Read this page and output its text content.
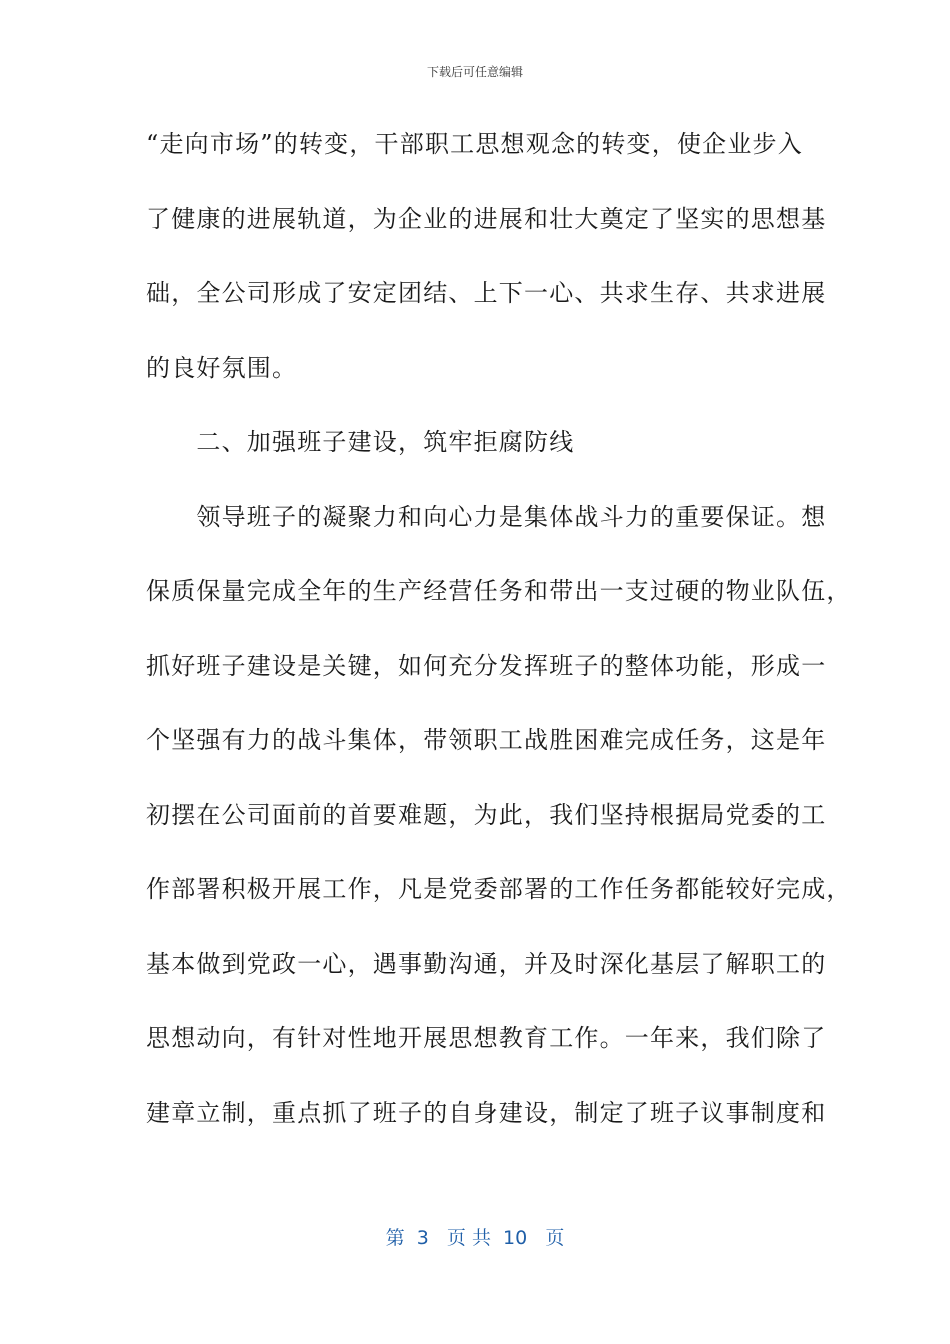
下载后可任意编辑
“走向市场”的转变，干部职工思想观念的转变，使企业步入
了健康的进展轨道，为企业的进展和壮大奠定了坚实的思想基
础，全公司形成了安定团结、上下一心、共求生存、共求进展
的良好氛围。
　　二、加强班子建设，筑牢拒腐防线
　　领导班子的凝聚力和向心力是集体战斗力的重要保证。想
保质保量完成全年的生产经营任务和带出一支过硬的物业队伍，
抓好班子建设是关键，如何充分发挥班子的整体功能，形成一
个坚强有力的战斗集体，带领职工战胜困难完成任务，这是年
初摆在公司面前的首要难题，为此，我们坚持根据局党委的工
作部署积极开展工作，凡是党委部署的工作任务都能较好完成，
基本做到党政一心，遇事勤沟通，并及时深化基层了解职工的
思想动向，有针对性地开展思想教育工作。一年来，我们除了
建章立制，重点抓了班子的自身建设，制定了班子议事制度和
第  3   页 共  10   页
